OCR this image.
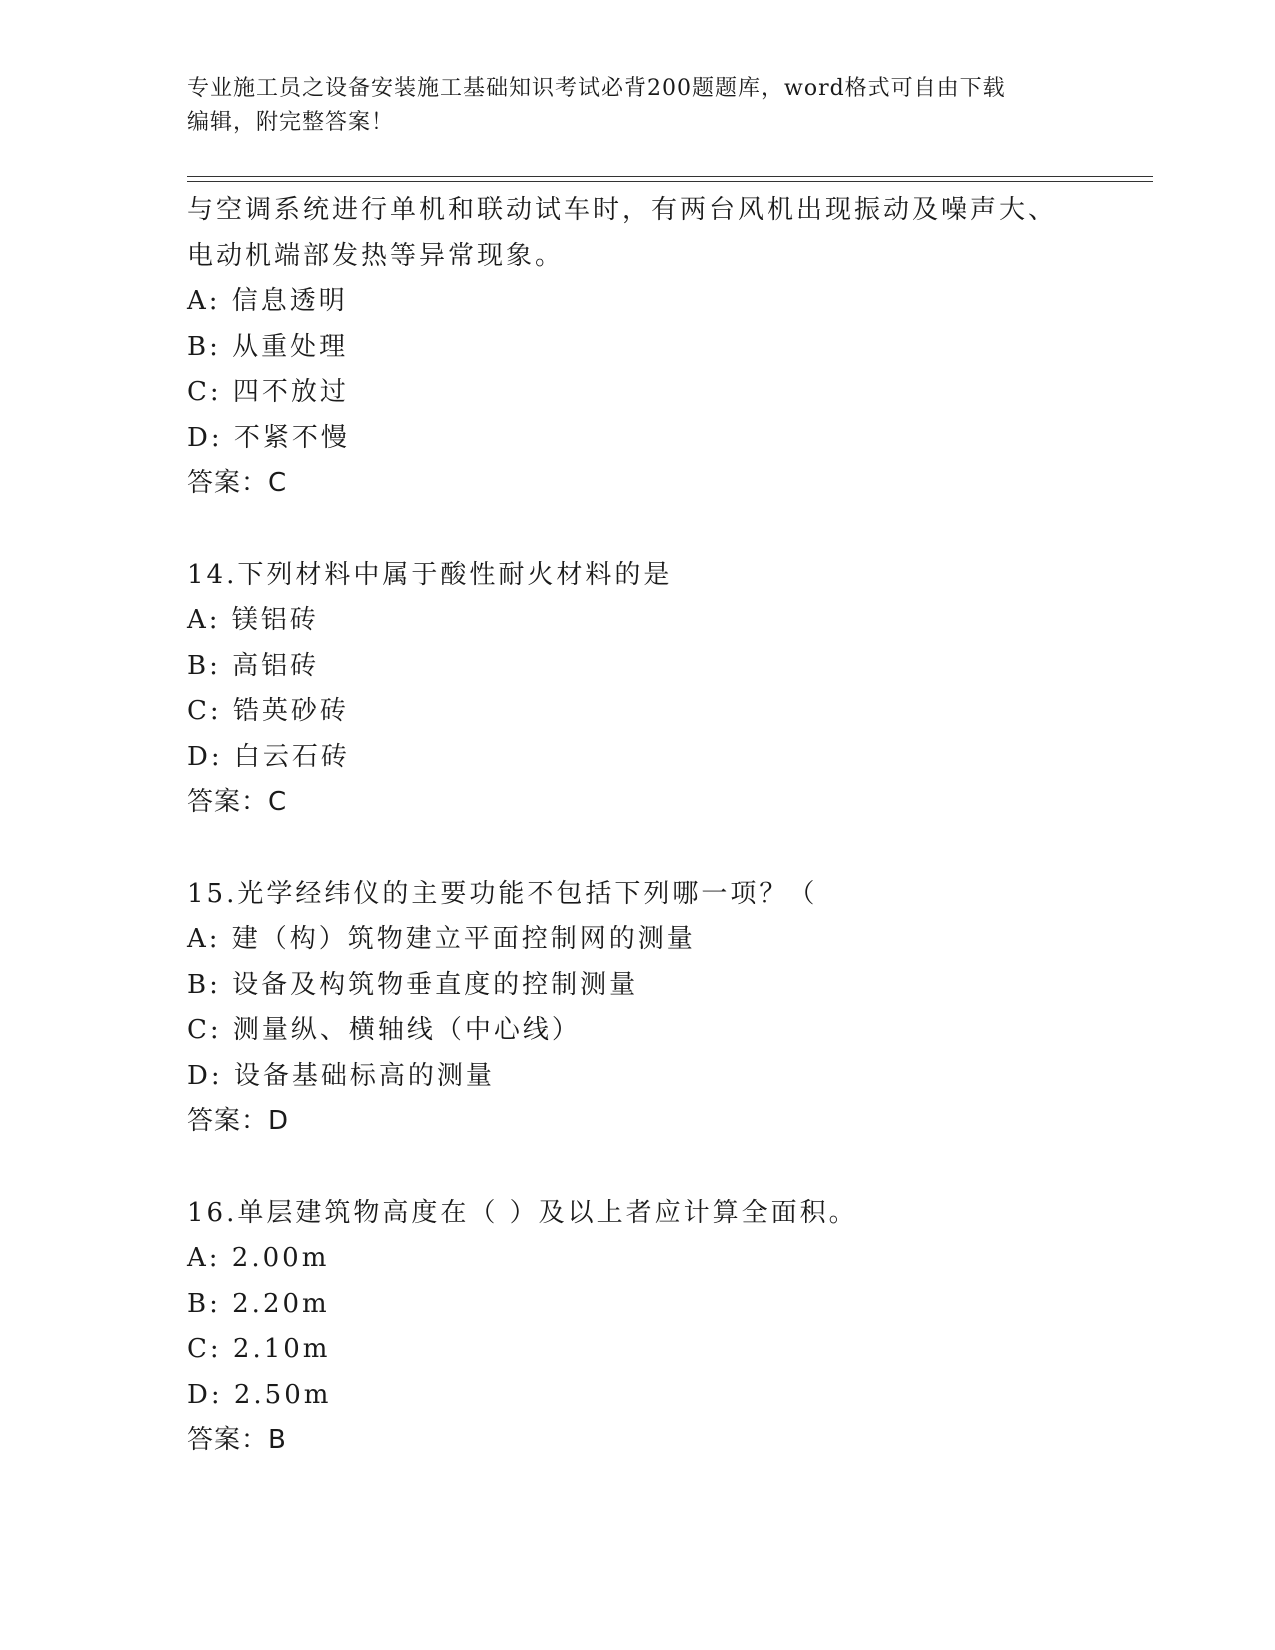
专业施工员之设备安装施工基础知识考试必背200题题库，word格式可自由下载
编辑，附完整答案！
与空调系统进行单机和联动试车时，有两台风机出现振动及噪声大、
电动机端部发热等异常现象。
A: 信息透明
B: 从重处理
C: 四不放过
D: 不紧不慢
答案：C
14.下列材料中属于酸性耐火材料的是
A: 镁铝砖
B: 高铝砖
C: 锆英砂砖
D: 白云石砖
答案：C
15.光学经纬仪的主要功能不包括下列哪一项？（
A: 建（构）筑物建立平面控制网的测量
B: 设备及构筑物垂直度的控制测量
C: 测量纵、横轴线（中心线）
D: 设备基础标高的测量
答案：D
16.单层建筑物高度在（ ）及以上者应计算全面积。
A: 2.00m
B: 2.20m
C: 2.10m
D: 2.50m
答案：B
